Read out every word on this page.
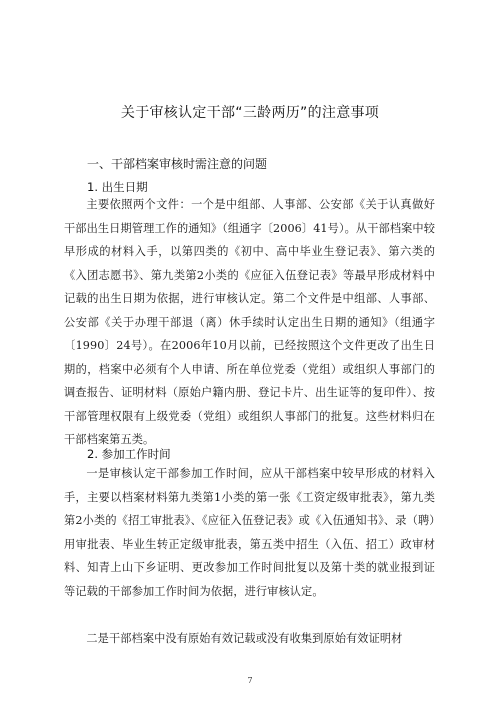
关于审核认定干部“三龄两历”的注意事项
一、干部档案审核时需注意的问题
1. 出生日期

主要依照两个文件：一个是中组部、人事部、公安部《关于认真做好干部出生日期管理工作的通知》（组通字〔2006〕41号）。从干部档案中较早形成的材料入手，以第四类的《初中、高中毕业生登记表》、第六类的《入团志愿书》、第九类第2小类的《应征入伍登记表》等最早形成材料中记载的出生日期为依据，进行审核认定。第二个文件是中组部、人事部、公安部《关于办理干部退（离）休手续时认定出生日期的通知》（组通字〔1990〕24号）。在2006年10月以前，已经按照这个文件更改了出生日期的，档案中必须有个人申请、所在单位党委（党组）或组织人事部门的调查报告、证明材料（原始户籍内册、登记卡片、出生证等的复印件）、按干部管理权限有上级党委（党组）或组织人事部门的批复。这些材料归在干部档案第五类。

2. 参加工作时间

一是审核认定干部参加工作时间，应从干部档案中较早形成的材料入手，主要以档案材料第九类第1小类的第一张《工资定级审批表》，第九类第2小类的《招工审批表》、《应征入伍登记表》或《入伍通知书》、录（聘）用审批表、毕业生转正定级审批表，第五类中招生（入伍、招工）政审材料、知青上山下乡证明、更改参加工作时间批复以及第十类的就业报到证等记载的干部参加工作时间为依据，进行审核认定。

二是干部档案中没有原始有效记载或没有收集到原始有效证明材

7
